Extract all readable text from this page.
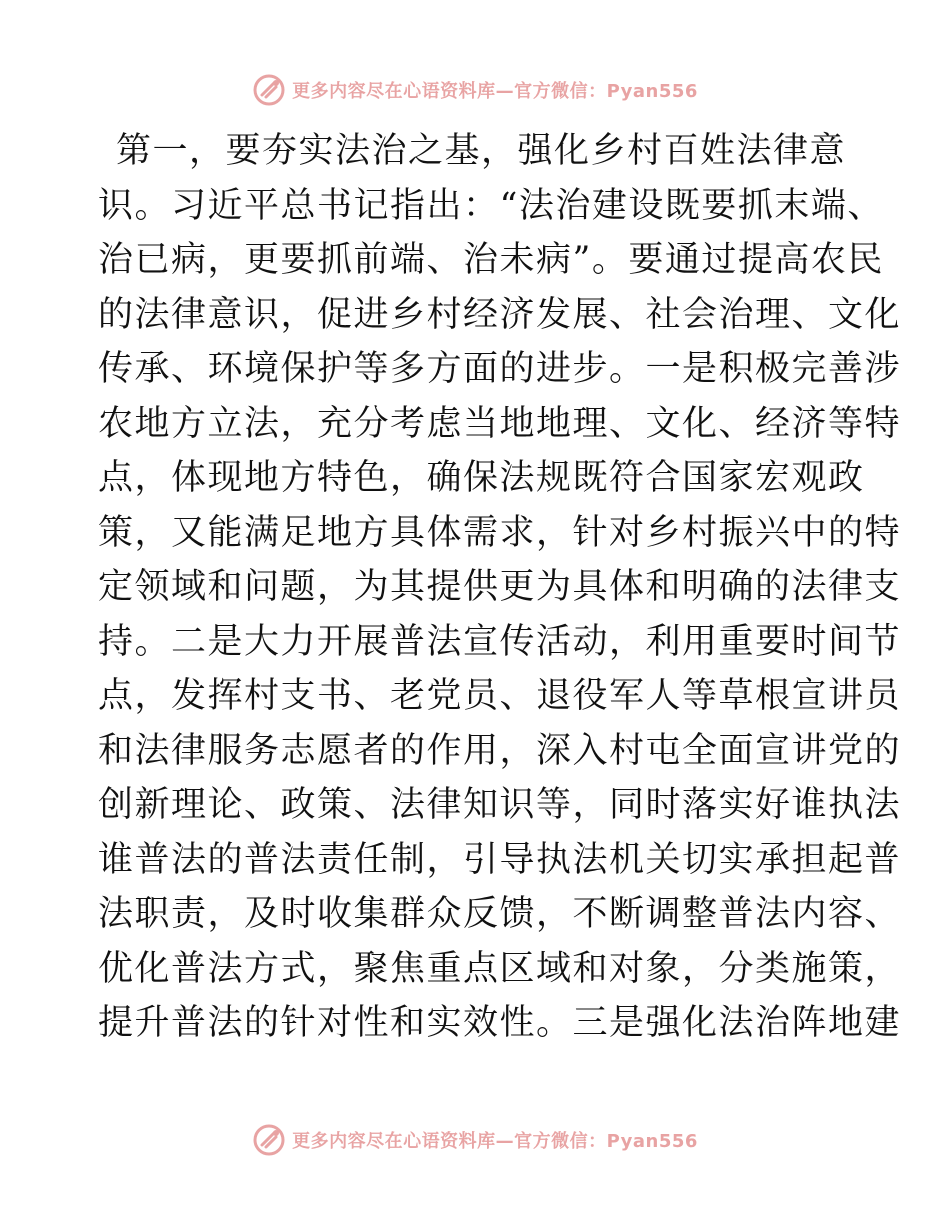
更多内容尽在心语资料库—官方微信：Pyan556
第一，要夯实法治之基，强化乡村百姓法律意
识。习近平总书记指出：“法治建设既要抓末端、
治已病，更要抓前端、治未病”。要通过提高农民
的法律意识，促进乡村经济发展、社会治理、文化
传承、环境保护等多方面的进步。一是积极完善涉
农地方立法，充分考虑当地地理、文化、经济等特
点，体现地方特色，确保法规既符合国家宏观政
策，又能满足地方具体需求，针对乡村振兴中的特
定领域和问题，为其提供更为具体和明确的法律支
持。二是大力开展普法宣传活动，利用重要时间节
点，发挥村支书、老党员、退役军人等草根宣讲员
和法律服务志愿者的作用，深入村屯全面宣讲党的
创新理论、政策、法律知识等，同时落实好谁执法
谁普法的普法责任制，引导执法机关切实承担起普
法职责，及时收集群众反馈，不断调整普法内容、
优化普法方式，聚焦重点区域和对象，分类施策，
提升普法的针对性和实效性。三是强化法治阵地建
更多内容尽在心语资料库—官方微信：Pyan556
